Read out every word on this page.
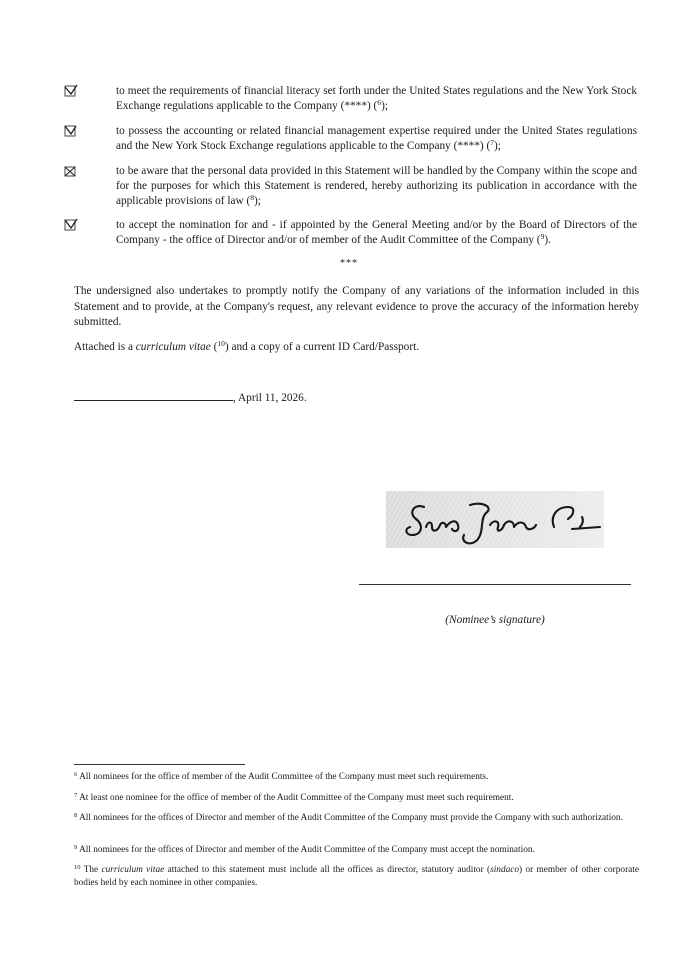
to meet the requirements of financial literacy set forth under the United States regulations and the New York Stock Exchange regulations applicable to the Company (****) ($^6$);
to possess the accounting or related financial management expertise required under the United States regulations and the New York Stock Exchange regulations applicable to the Company (****) ($^7$);
to be aware that the personal data provided in this Statement will be handled by the Company within the scope and for the purposes for which this Statement is rendered, hereby authorizing its publication in accordance with the applicable provisions of law ($^8$);
to accept the nomination for and - if appointed by the General Meeting and/or by the Board of Directors of the Company - the office of Director and/or of member of the Audit Committee of the Company ($^9$).
***
The undersigned also undertakes to promptly notify the Company of any variations of the information included in this Statement and to provide, at the Company's request, any relevant evidence to prove the accuracy of the information hereby submitted.
Attached is a curriculum vitae ($^{10}$) and a copy of a current ID Card/Passport.
, April 11, 2026.
(Nominee’s signature)
$^6$ All nominees for the office of member of the Audit Committee of the Company must meet such requirements.
$^7$ At least one nominee for the office of member of the Audit Committee of the Company must meet such requirement.
$^8$ All nominees for the offices of Director and member of the Audit Committee of the Company must provide the Company with such authorization.
$^9$ All nominees for the offices of Director and member of the Audit Committee of the Company must accept the nomination.
$^{10}$ The curriculum vitae attached to this statement must include all the offices as director, statutory auditor (sindaco) or member of other corporate bodies held by each nominee in other companies.
